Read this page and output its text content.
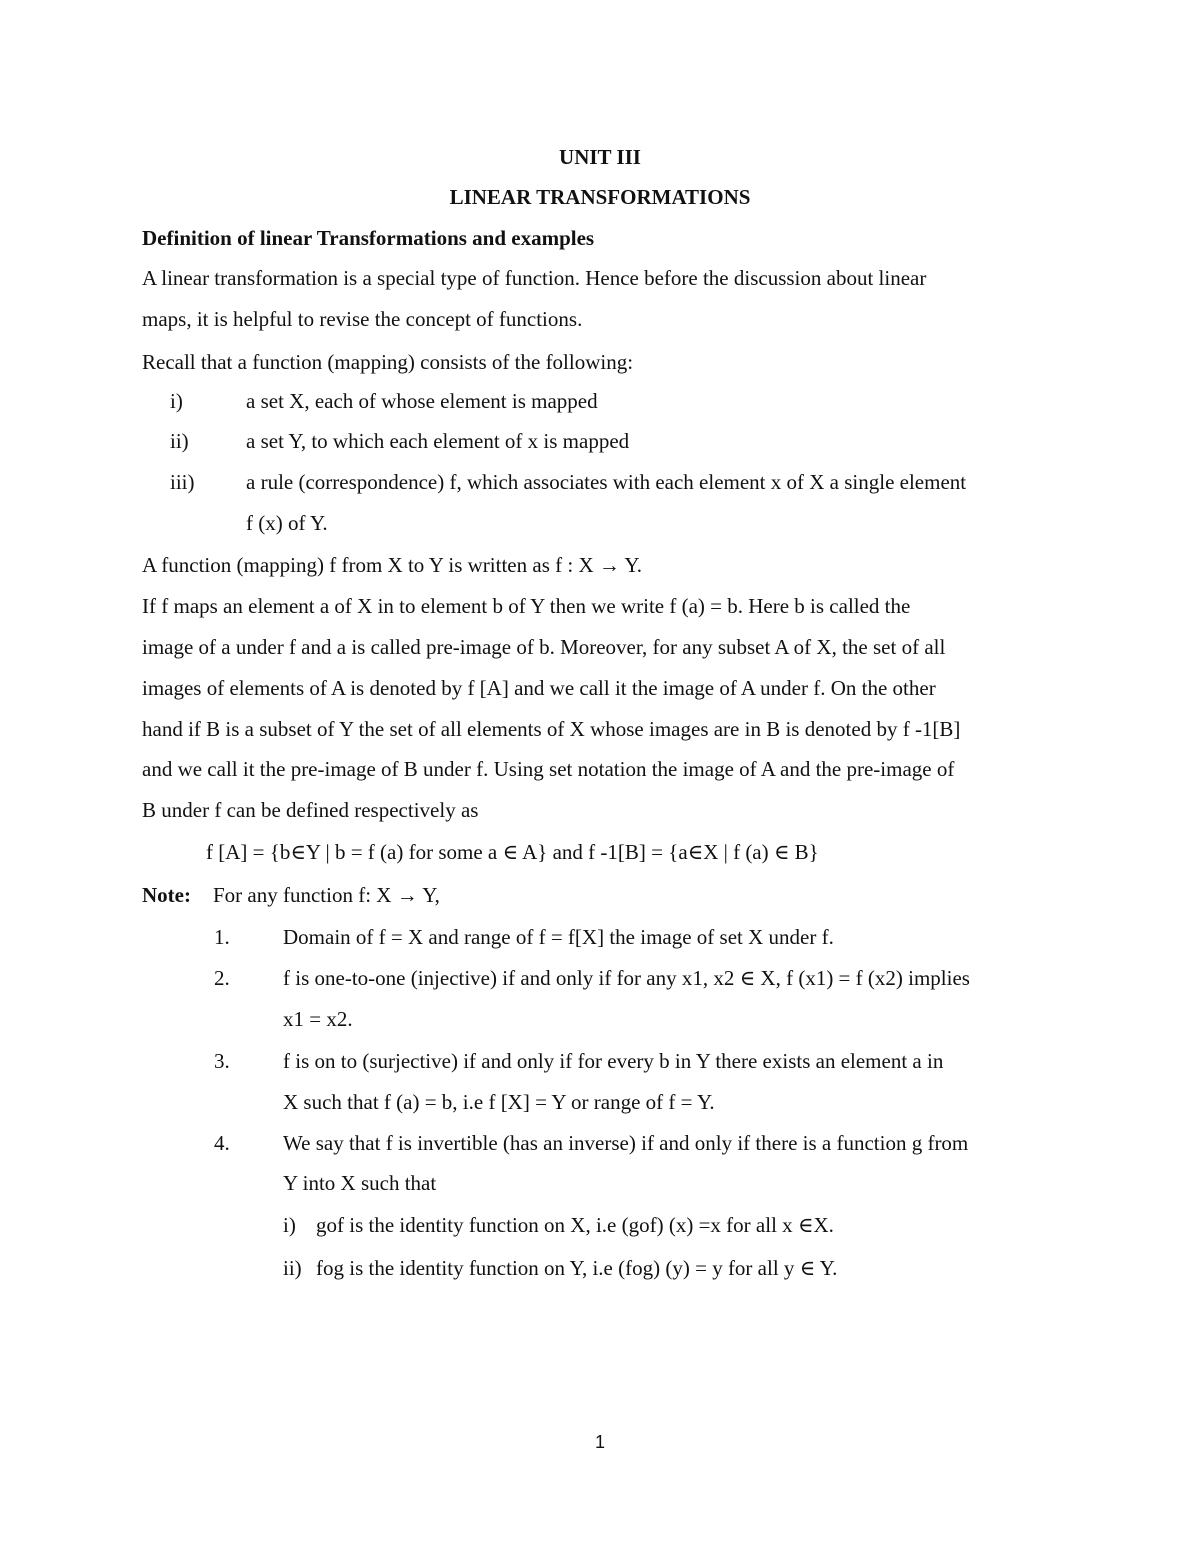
UNIT III
LINEAR TRANSFORMATIONS
Definition of linear Transformations and examples
A linear transformation is a special type of function. Hence before the discussion about linear
maps, it is helpful to revise the concept of functions.
Recall that a function (mapping) consists of the following:
i)	a set X, each of whose element is mapped
ii)	a set Y, to which each element of x is mapped
iii) a rule (correspondence) f, which associates with each element x of X a single element
f (x) of Y.
A function (mapping) f from X to Y is written as f : X → Y.
If f maps an element a of X in to element b of Y then we write f (a) = b. Here b is called the
image of a under f and a is called pre-image of b. Moreover, for any subset A of X, the set of all
images of elements of A is denoted by f [A] and we call it the image of A under f. On the other
hand if B is a subset of Y the set of all elements of X whose images are in B is denoted by f -1[B]
and we call it the pre-image of B under f. Using set notation the image of A and the pre-image of
B under f can be defined respectively as
f [A] = {b∈Y | b = f (a) for some a ∈ A} and f -1[B] = {a∈X | f (a) ∈ B}
Note: For any function f: X → Y,
1.	Domain of f = X and range of f = f[X] the image of set X under f.
2.	f is one-to-one (injective) if and only if for any x1, x2 ∈ X, f (x1) = f (x2) implies
x1 = x2.
3.	f is on to (surjective) if and only if for every b in Y there exists an element a in
X such that f (a) = b, i.e f [X] = Y or range of f = Y.
4.	We say that f is invertible (has an inverse) if and only if there is a function g from
Y into X such that
i) gof is the identity function on X, i.e (gof) (x) =x for all x ∈X.
ii) fog is the identity function on Y, i.e (fog) (y) = y for all y ∈ Y.
1
